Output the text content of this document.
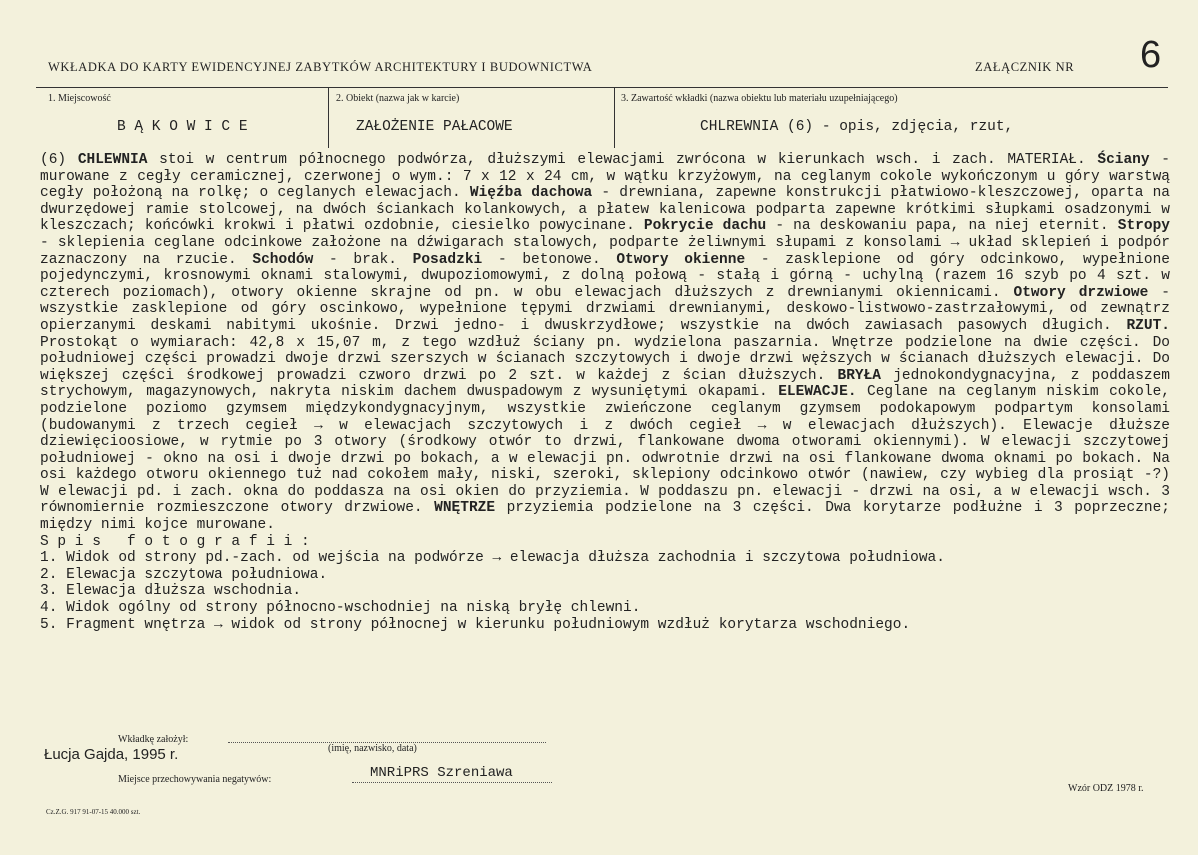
WKŁADKA DO KARTY EWIDENCYJNEJ ZABYTKÓW ARCHITEKTURY I BUDOWNICTWA	ZAŁĄCZNIK NR 6
1. Miejscowość
B Ą K O W I C E
2. Obiekt (nazwa jak w karcie)
ZAŁOŻENIE PAŁACOWE
3. Zawartość wkładki (nazwa obiektu lub materiału uzupełniającego)
CHLREWNIA (6) - opis, zdjęcia, rzut,

(6) CHLEWNIA stoi w centrum północnego podwórza, dłuższymi elewacjami zwrócona w kierunkach wsch. i zach. MATERIAŁ. Ściany - murowane z cegły ceramicznej, czerwonej o wym.: 7 x 12 x 24 cm, w wątku krzyżowym, na ceglanym cokole wykończonym u góry warstwą cegły położoną na rolkę; o ceglanych elewacjach. Więźba dachowa - drewniana, zapewne konstrukcji płatwiowo-kleszczowej, oparta na dwurzędowej ramie stolcowej, na dwóch ściankach kolankowych, a płatew kalenicowa podparta zapewne krótkimi słupkami osadzonymi w kleszczach; końcówki krokwi i płatwi ozdobnie, ciesielko powycinane. Pokrycie dachu - na deskowaniu papa, na niej eternit. Stropy - sklepienia ceglane odcinkowe założone na dźwigarach stalowych, podparte żeliwnymi słupami z konsolami → układ sklepień i podpór zaznaczony na rzucie. Schodów - brak. Posadzki - betonowe. Otwory okienne - zasklepione od góry odcinkowo, wypełnione pojedynczymi, krosnowymi oknami stalowymi, dwupoziomowymi, z dolną połową - stałą i górną - uchylną (razem 16 szyb po 4 szt. w czterech poziomach), otwory okienne skrajne od pn. w obu elewacjach dłuższych z drewnianymi okiennicami. Otwory drzwiowe - wszystkie zasklepione od góry oscinkowo, wypełnione tępymi drzwiami drewnianymi, deskowo-listwowo-zastrzałowymi, od zewnątrz opierzanymi deskami nabitymi ukośnie. Drzwi jedno- i dwuskrzydłowe; wszystkie na dwóch zawiasach pasowych długich. RZUT. Prostokąt o wymiarach: 42,8 x 15,07 m, z tego wzdłuż ściany pn. wydzielona paszarnia. Wnętrze podzielone na dwie części. Do południowej części prowadzi dwoje drzwi szerszych w ścianach szczytowych i dwoje drzwi węższych w ścianach dłuższych elewacji. Do większej części środkowej prowadzi czworo drzwi po 2 szt. w każdej z ścian dłuższych. BRYŁA jednokondygnacyjna, z poddaszem strychowym, magazynowych, nakryta niskim dachem dwuspadowym z wysuniętymi okapami. ELEWACJE. Ceglane na ceglanym niskim cokole, podzielone poziomo gzymsem międzykondygnacyjnym, wszystkie zwieńczone ceglanym gzymsem podokapowym podpartym konsolami (budowanymi z trzech cegieł → w elewacjach szczytowych i z dwóch cegieł → w elewacjach dłuższych). Elewacje dłuższe dziewięcioosiowe, w rytmie po 3 otwory (środkowy otwór to drzwi, flankowane dwoma otworami okiennymi). W elewacji szczytowej południowej - okno na osi i dwoje drzwi po bokach, a w elewacji pn. odwrotnie drzwi na osi flankowane dwoma oknami po bokach. Na osi każdego otworu okiennego tuż nad cokołem mały, niski, szeroki, sklepiony odcinkowo otwór (nawiew, czy wybieg dla prosiąt -?) W elewacji pd. i zach. okna do poddasza na osi okien do przyziemia. W poddaszu pn. elewacji - drzwi na osi, a w elewacji wsch. 3 równomiernie rozmieszczone otwory drzwiowe. WNĘTRZE przyziemia podzielone na 3 części. Dwa korytarze podłużne i 3 poprzeczne; między nimi kojce murowane.

S p i s   f o t o g r a f i i :
1. Widok od strony pd.-zach. od wejścia na podwórze → elewacja dłuższa zachodnia i szczytowa południowa.
2. Elewacja szczytowa południowa.
3. Elewacja dłuższa wschodnia.
4. Widok ogólny od strony północno-wschodniej na niską bryłę chlewni.
5. Fragment wnętrza → widok od strony północnej w kierunku południowym wzdłuż korytarza wschodniego.
Wkładkę założył:
Łucja Gajda, 1995 r.	(imię, nazwisko, data)
Miejsce przechowywania negatywów:	MNRiPRS Szreniawa
Cz.Z.G. 917 91-07-15 40.000 szt.
Wzór ODZ 1978 r.
